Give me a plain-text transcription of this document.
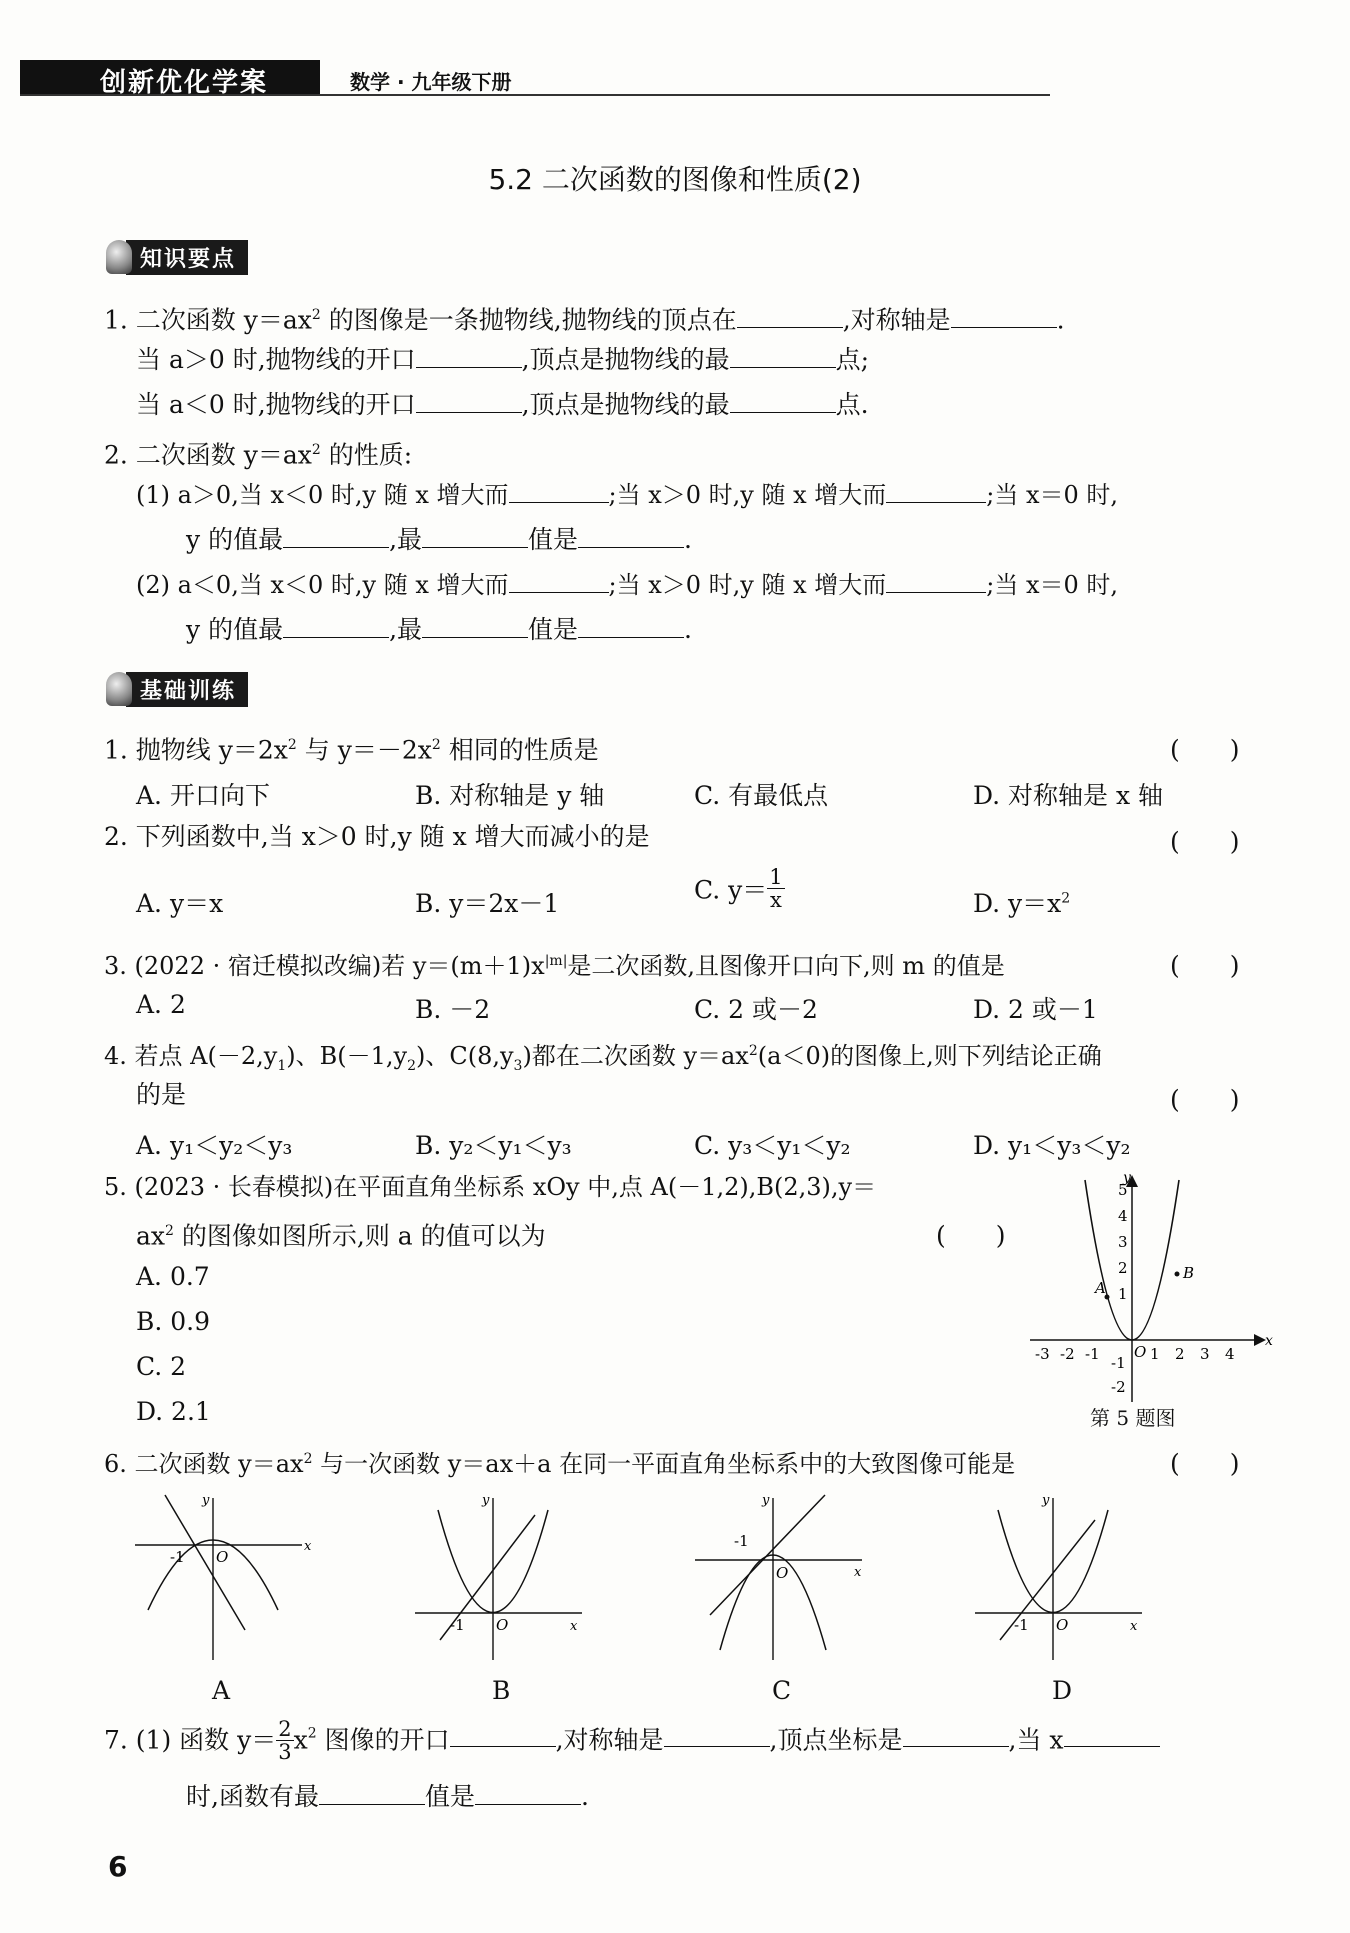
创新优化学案	数学 · 九年级下册
5.2 二次函数的图像和性质(2)
知识要点
1. 二次函数 $y=ax^2$ 的图像是一条抛物线,抛物线的顶点在	,对称轴是	.
当 a＞0 时,抛物线的开口	,顶点是抛物线的最	点;
当 a＜0 时,抛物线的开口	,顶点是抛物线的最	点.
2. 二次函数 $y=ax^2$ 的性质:
(1) a＞0,当 x＜0 时,y 随 x 增大而	;当 x＞0 时,y 随 x 增大而	;当 x＝0 时,
y 的值最	,最	值是	.
(2) a＜0,当 x＜0 时,y 随 x 增大而	;当 x＞0 时,y 随 x 增大而	;当 x＝0 时,
y 的值最	,最	值是	.
基础训练
1. 抛物线 $y=2x^2$ 与 $y=-2x^2$ 相同的性质是	(　　)
A. 开口向下	B. 对称轴是 y 轴	C. 有最低点	D. 对称轴是 x 轴
2. 下列函数中,当 x＞0 时,y 随 x 增大而减小的是	(　　)
A. y＝x	B. y＝2x－1	C. $y= \frac{1}{x}$	D. $y=x^2$
3. (2022 · 宿迁模拟改编)若 $y=(m+1)x^{|m|}$是二次函数,且图像开口向下,则 m 的值是	(　　)
A. 2	B. －2	C. 2 或－2	D. 2 或－1
4. 若点 $A(-2,y_1)$、$B(-1,y_2)$、$C(8,y_3)$都在二次函数 $y=ax^2(a<0)$的图像上,则下列结论正确
的是	(　　)
A. y₁＜y₂＜y₃	B. y₂＜y₁＜y₃	C. y₃＜y₁＜y₂	D. y₁＜y₃＜y₂
5. (2023 · 长春模拟)在平面直角坐标系 xOy 中,点 A(－1,2),B(2,3),y＝
$ax^2$ 的图像如图所示,则 a 的值可以为	(　　)
A. 0.7
B. 0.9
C. 2
D. 2.1
A
B
x
y
O
-3 -2 -1	1 2 3 4
5
4
3
2
1
-1
-2
第 5 题图
6. 二次函数 $y=ax^2$ 与一次函数 y＝ax＋a 在同一平面直角坐标系中的大致图像可能是	(　　)
x
y
O
-1
A
x
y
O
-1
B
x
y
O
-1
C
x
y
O
-1
D
7. (1) 函数 $y= \frac{2}{3} x^2$ 图像的开口	,对称轴是	,顶点坐标是	,当 x
时,函数有最	值是	.
6
